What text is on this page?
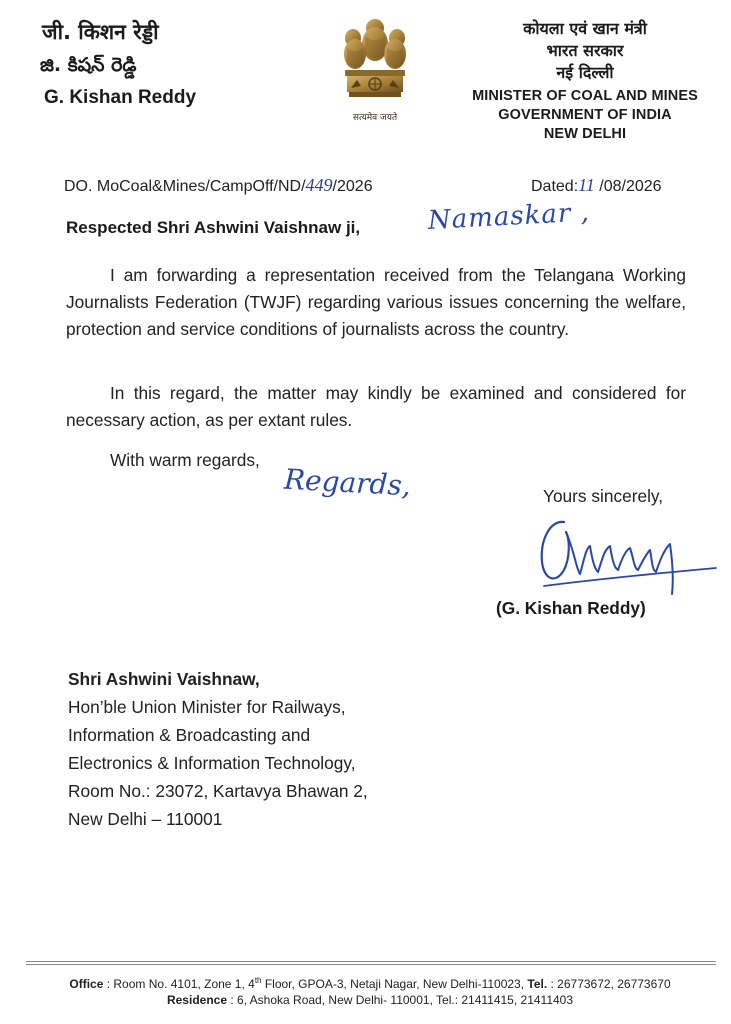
जी. किशन रेड्डी
జి. కిషన్ రెడ్డి
G. Kishan Reddy
सत्यमेव जयते
कोयला एवं खान मंत्री
भारत सरकार
नई दिल्ली
MINISTER OF COAL AND MINES
GOVERNMENT OF INDIA
NEW DELHI
DO. MoCoal&Mines/CampOff/ND/449/2026	Dated:11 /08/2026
Respected Shri Ashwini Vaishnaw ji,	Namaskar ,
I am forwarding a representation received from the Telangana Working Journalists Federation (TWJF) regarding various issues concerning the welfare, protection and service conditions of journalists across the country.
In this regard, the matter may kindly be examined and considered for necessary action, as per extant rules.
With warm regards,
Regards,	Yours sincerely,
(G. Kishan Reddy)
Shri Ashwini Vaishnaw,
Hon’ble Union Minister for Railways,
Information & Broadcasting and
Electronics & Information Technology,
Room No.: 23072, Kartavya Bhawan 2,
New Delhi – 110001
Office : Room No. 4101, Zone 1, 4th Floor, GPOA-3, Netaji Nagar, New Delhi-110023, Tel. : 26773672, 26773670
Residence : 6, Ashoka Road, New Delhi- 110001, Tel.: 21411415, 21411403
